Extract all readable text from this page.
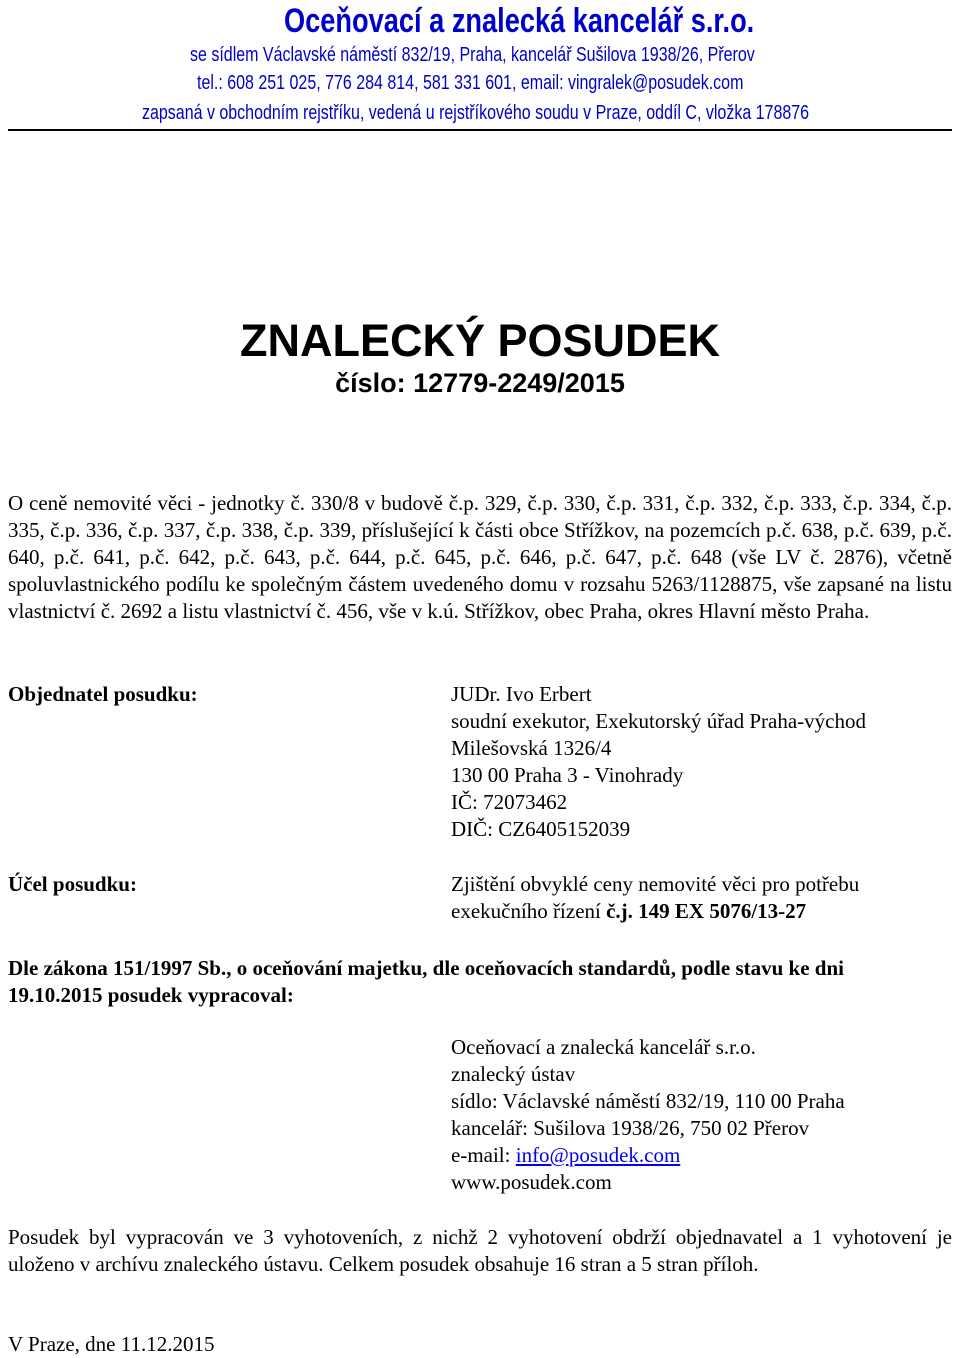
Oceňovací a znalecká kancelář s.r.o.
se sídlem Václavské náměstí 832/19, Praha, kancelář Sušilova 1938/26, Přerov
tel.: 608 251 025, 776 284 814, 581 331 601, email: vingralek@posudek.com
zapsaná v obchodním rejstříku, vedená u rejstříkového soudu v Praze, oddíl C, vložka 178876
ZNALECKÝ POSUDEK
číslo: 12779-2249/2015
O ceně nemovité věci - jednotky č. 330/8 v budově č.p. 329, č.p. 330, č.p. 331, č.p. 332, č.p. 333, č.p. 334, č.p. 335, č.p. 336, č.p. 337, č.p. 338, č.p. 339, příslušející k části obce Střížkov, na pozemcích p.č. 638, p.č. 639, p.č. 640, p.č. 641, p.č. 642, p.č. 643, p.č. 644, p.č. 645, p.č. 646, p.č. 647, p.č. 648 (vše LV č. 2876), včetně spoluvlastnického podílu ke společným částem uvedeného domu v rozsahu 5263/1128875, vše zapsané na listu vlastnictví č. 2692 a listu vlastnictví č. 456, vše v k.ú. Střížkov, obec Praha, okres Hlavní město Praha.
Objednatel posudku:	JUDr. Ivo Erbert
soudní exekutor, Exekutorský úřad Praha-východ
Milešovská 1326/4
130 00 Praha 3 - Vinohrady
IČ: 72073462
DIČ: CZ6405152039
Účel posudku:	Zjištění obvyklé ceny nemovité věci pro potřebu
exekučního řízení č.j. 149 EX 5076/13-27
Dle zákona 151/1997 Sb., o oceňování majetku, dle oceňovacích standardů, podle stavu ke dni
19.10.2015 posudek vypracoval:
Oceňovací a znalecká kancelář s.r.o.
znalecký ústav
sídlo: Václavské náměstí 832/19, 110 00 Praha
kancelář: Sušilova 1938/26, 750 02 Přerov
e-mail: info@posudek.com
www.posudek.com
Posudek byl vypracován ve 3 vyhotoveních, z nichž 2 vyhotovení obdrží objednavatel a 1 vyhotovení je uloženo v archívu znaleckého ústavu. Celkem posudek obsahuje 16 stran a 5 stran příloh.
V Praze, dne 11.12.2015
